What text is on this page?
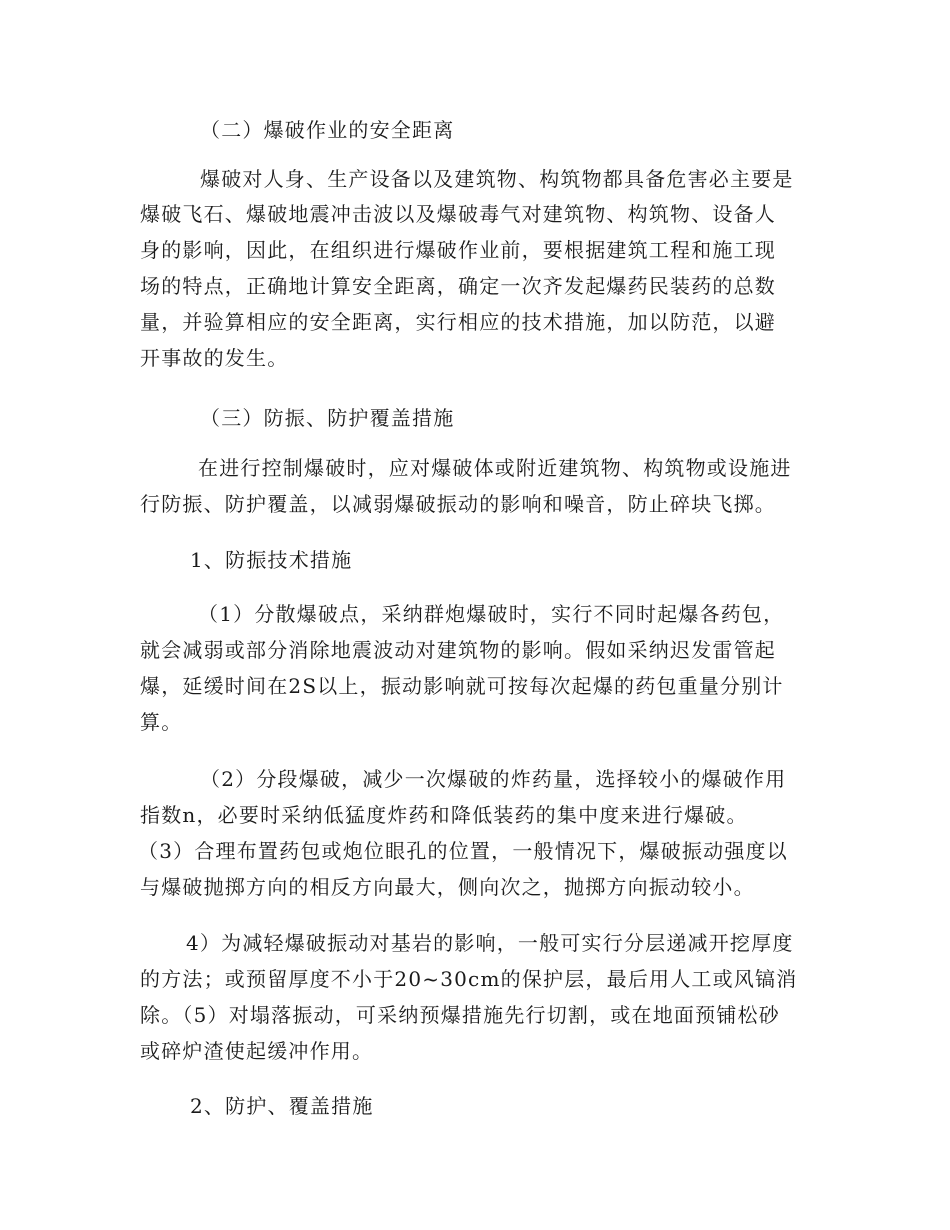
（二）爆破作业的安全距离
爆破对人身、生产设备以及建筑物、构筑物都具备危害必主要是
爆破飞石、爆破地震冲击波以及爆破毒气对建筑物、构筑物、设备人
身的影响，因此，在组织进行爆破作业前，要根据建筑工程和施工现
场的特点，正确地计算安全距离，确定一次齐发起爆药民装药的总数
量，并验算相应的安全距离，实行相应的技术措施，加以防范，以避
开事故的发生。
（三）防振、防护覆盖措施
在进行控制爆破时，应对爆破体或附近建筑物、构筑物或设施进
行防振、防护覆盖，以减弱爆破振动的影响和噪音，防止碎块飞掷。
1、防振技术措施
（1）分散爆破点，采纳群炮爆破时，实行不同时起爆各药包，
就会减弱或部分消除地震波动对建筑物的影响。假如采纳迟发雷管起
爆，延缓时间在2S以上，振动影响就可按每次起爆的药包重量分别计
算。
（2）分段爆破，减少一次爆破的炸药量，选择较小的爆破作用
指数n，必要时采纳低猛度炸药和降低装药的集中度来进行爆破。
（3）合理布置药包或炮位眼孔的位置，一般情况下，爆破振动强度以
与爆破抛掷方向的相反方向最大，侧向次之，抛掷方向振动较小。
4）为减轻爆破振动对基岩的影响，一般可实行分层递减开挖厚度
的方法；或预留厚度不小于20~30cm的保护层，最后用人工或风镐消
除。（5）对塌落振动，可采纳预爆措施先行切割，或在地面预铺松砂
或碎炉渣使起缓冲作用。
2、防护、覆盖措施
